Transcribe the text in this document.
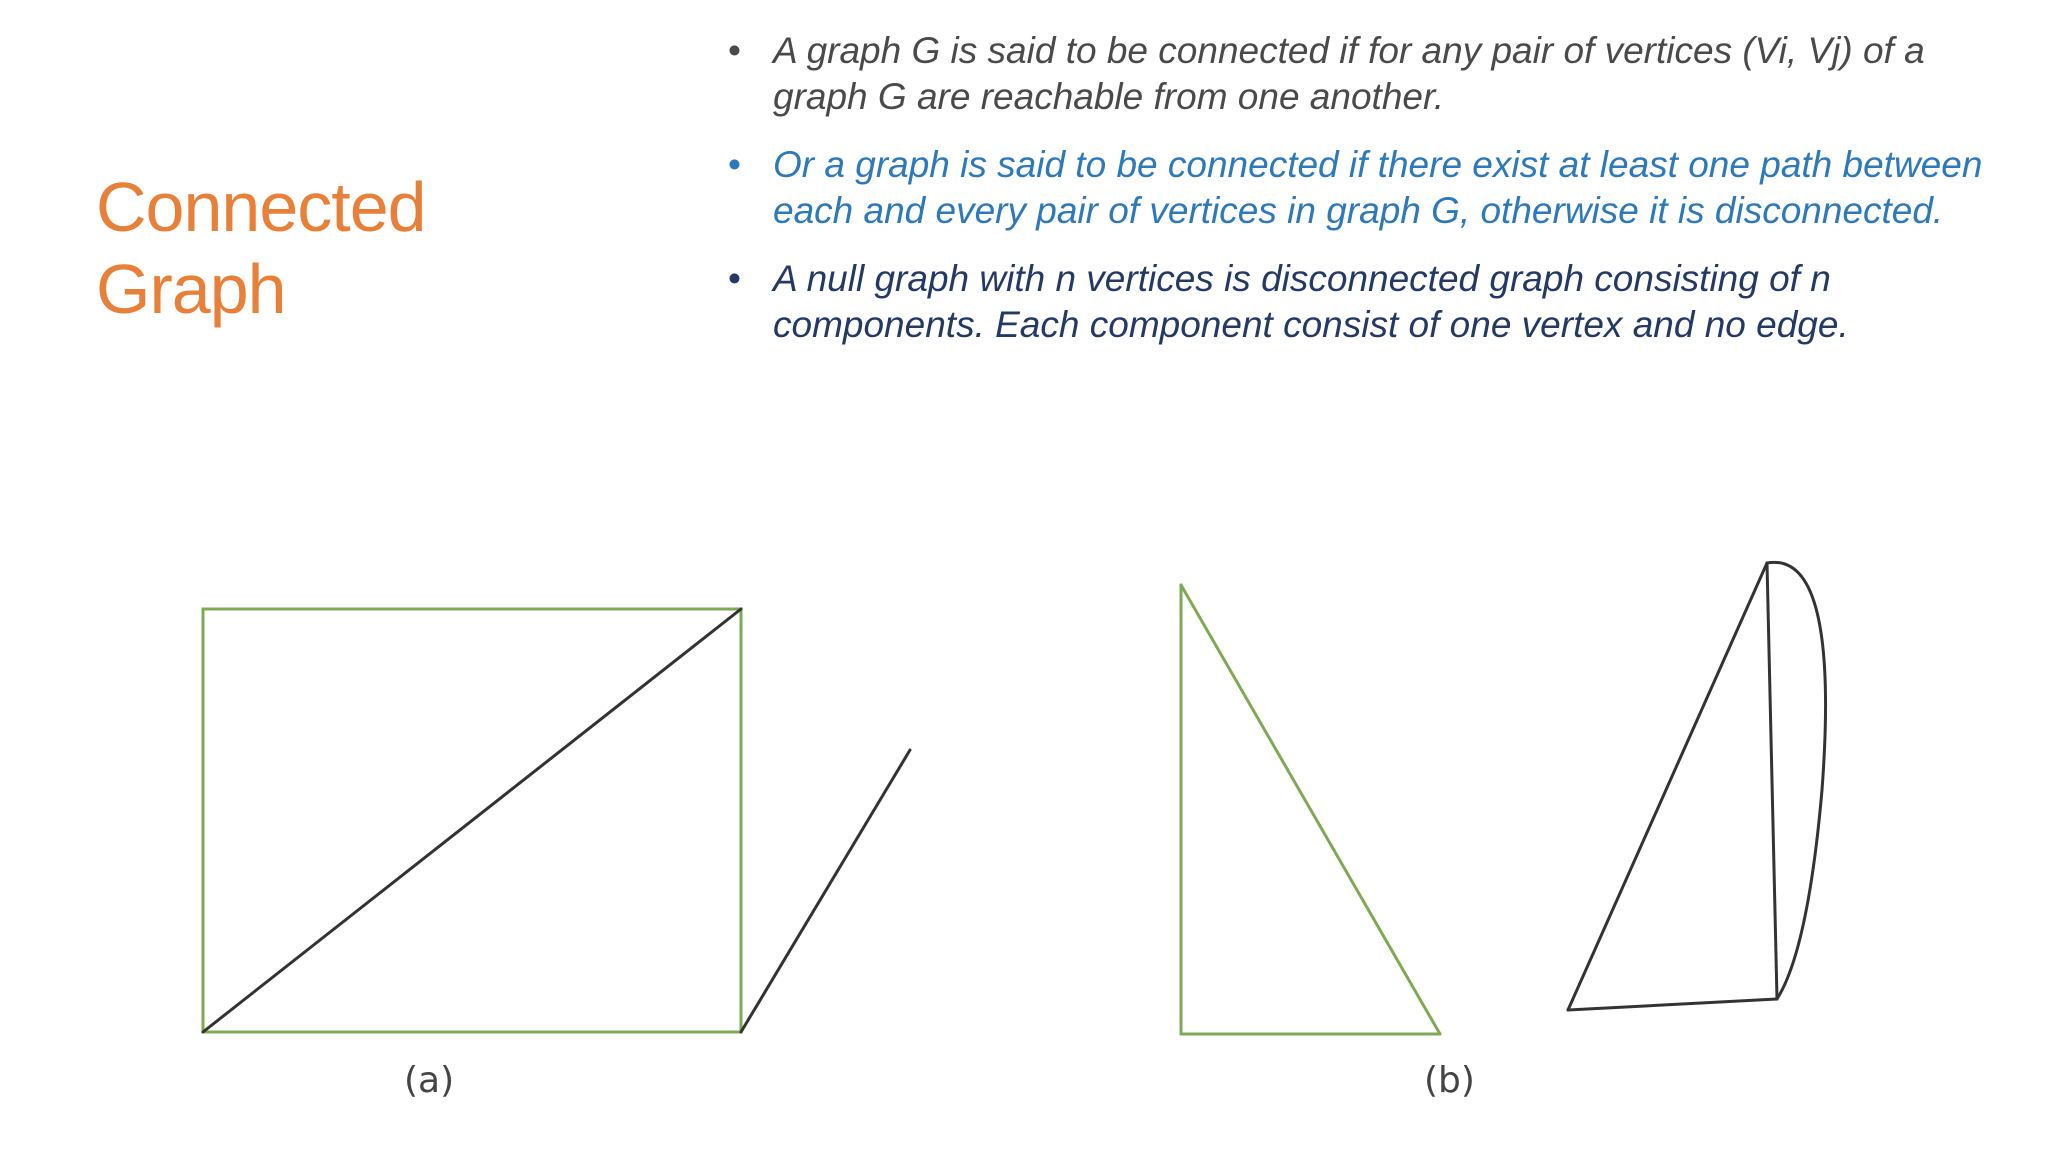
Connected
Graph
• A graph G is said to be connected if for any pair of vertices (Vi, Vj) of a graph G are reachable from one another.
• Or a graph is said to be connected if there exist at least one path between each and every pair of vertices in graph G, otherwise it is disconnected.
• A null graph with n vertices is disconnected graph consisting of n components. Each component consist of one vertex and no edge.
(a)	(b)
